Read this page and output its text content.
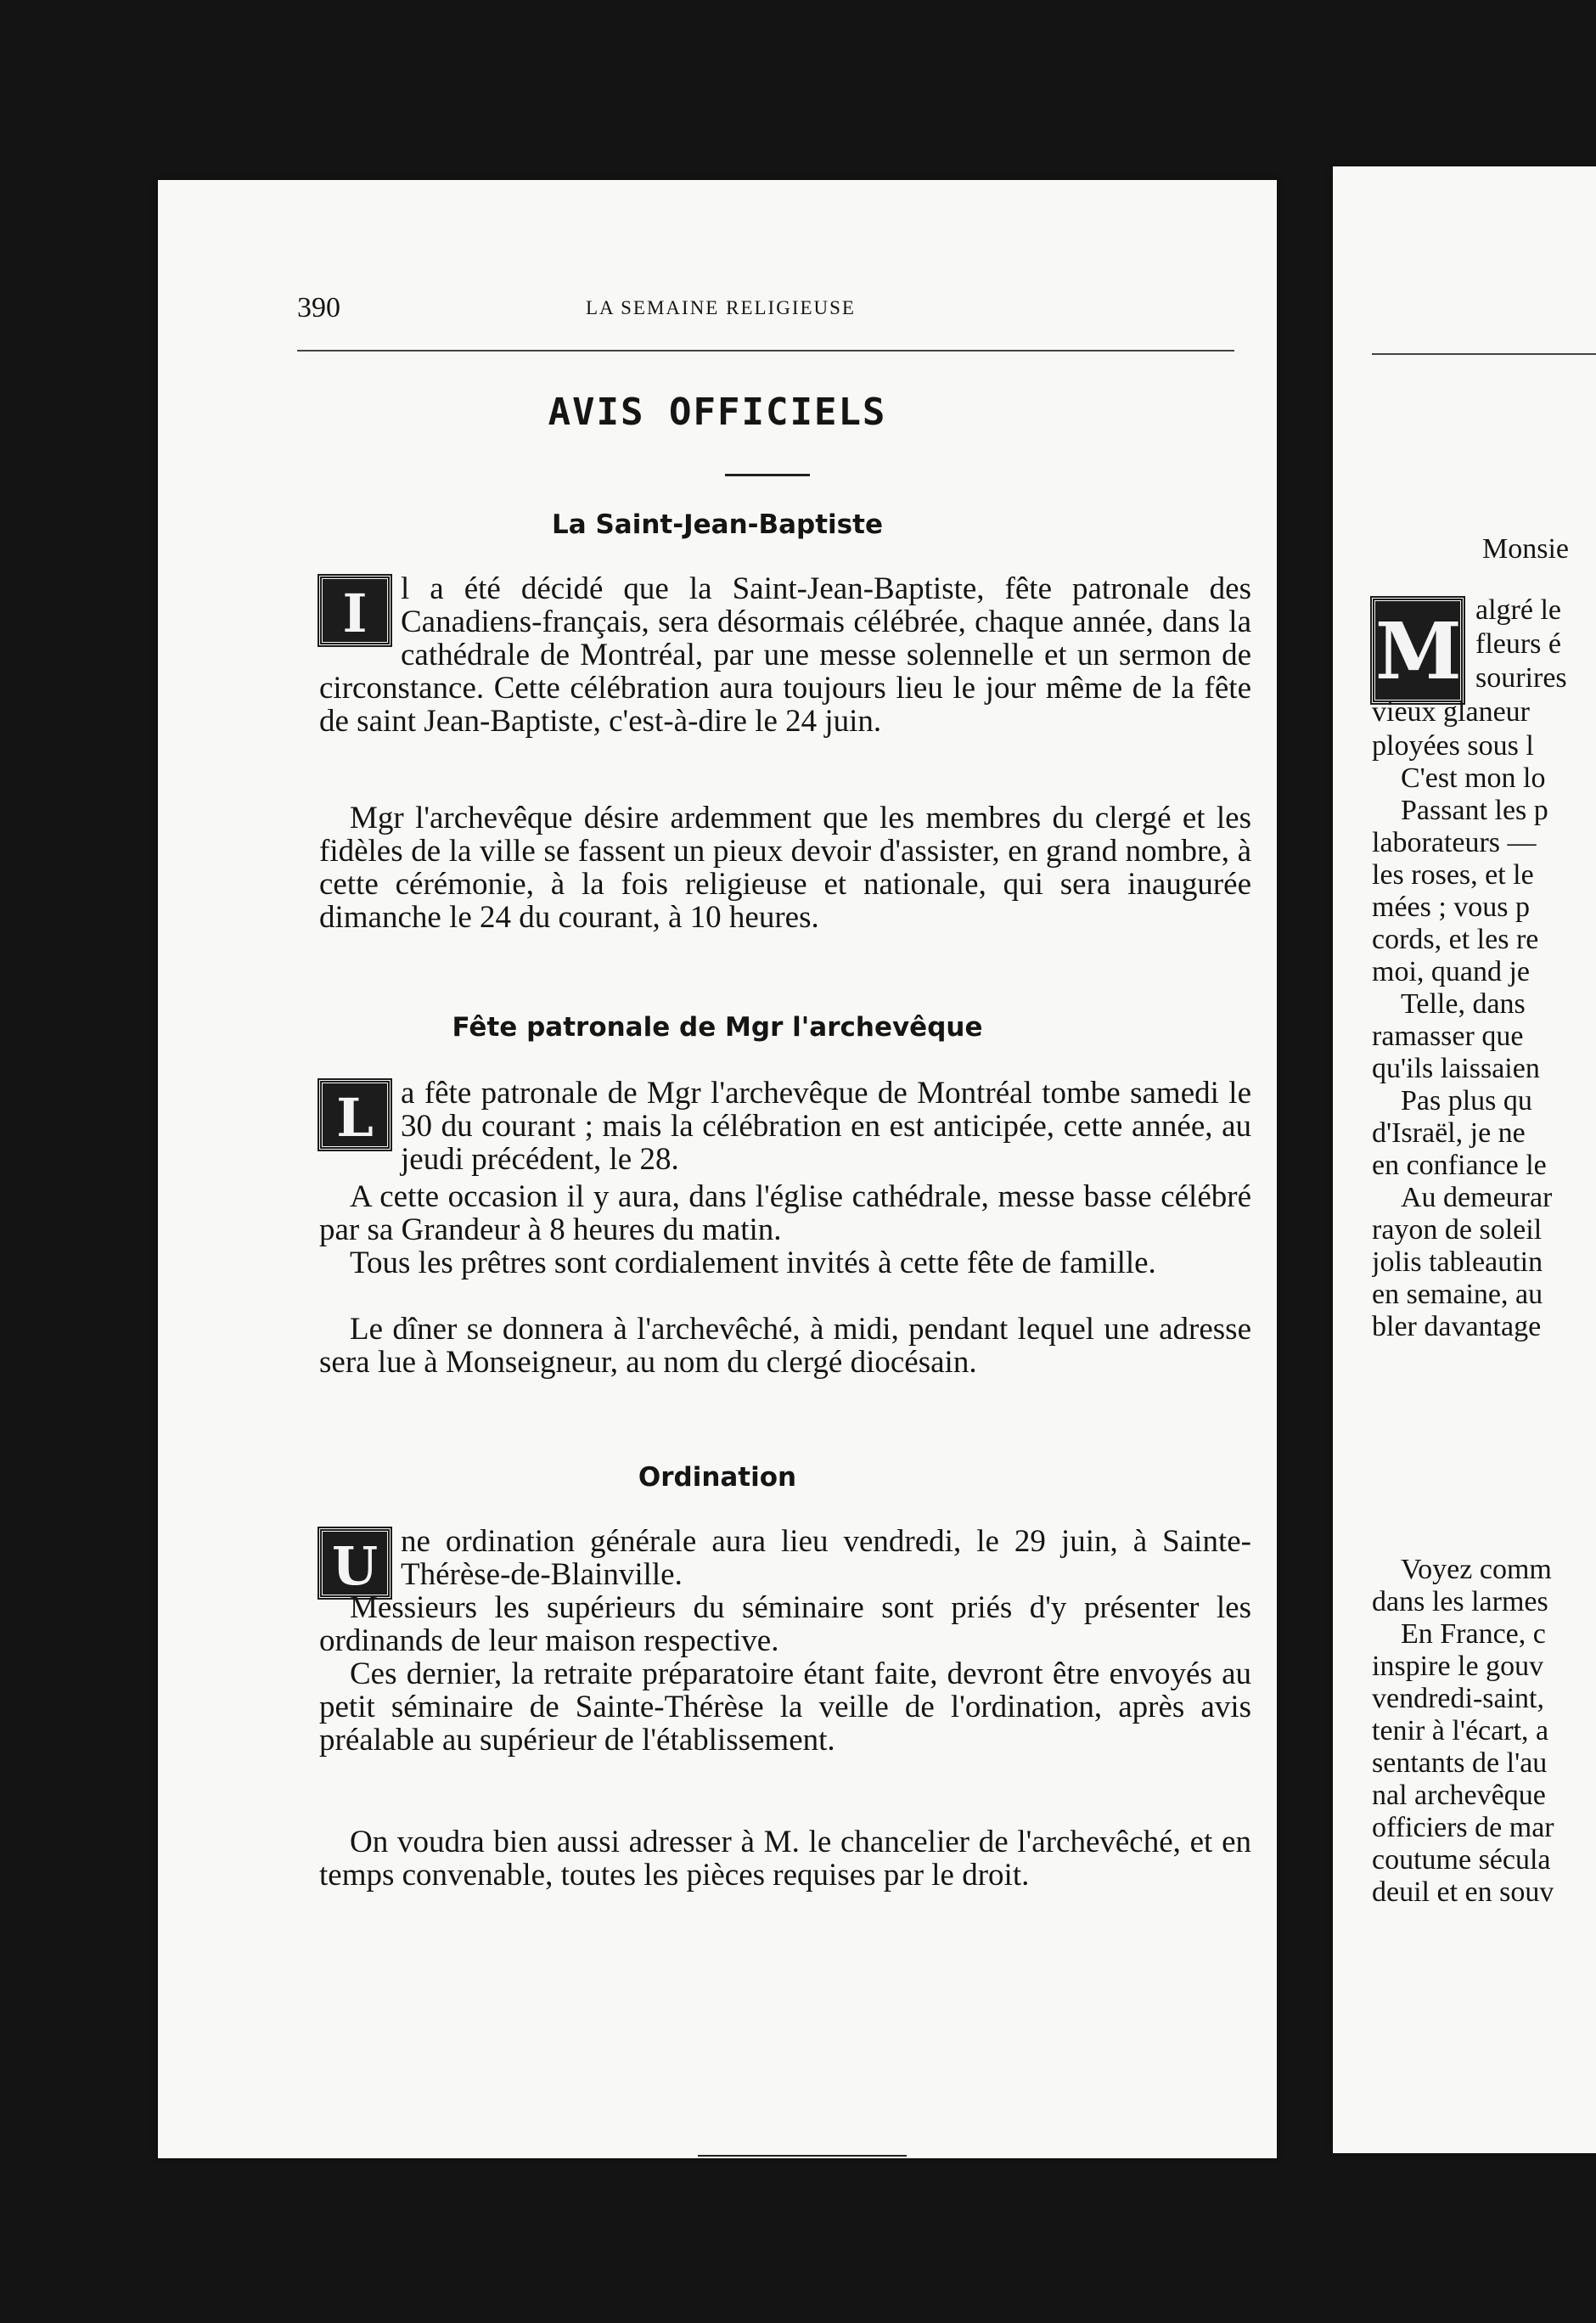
390	LA SEMAINE RELIGIEUSE
AVIS OFFICIELS
La Saint-Jean-Baptiste

I	l a été décidé que la Saint-Jean-Baptiste, fête patronale des Canadiens-français, sera désormais célébrée, chaque année, dans la cathédrale de Montréal, par une messe solennelle et un sermon de circonstance. Cette célébration aura toujours lieu le jour même de la fête de saint Jean-Baptiste, c'est-à-dire le 24 juin.

Mgr l'archevêque désire ardemment que les membres du clergé et les fidèles de la ville se fassent un pieux devoir d'assister, en grand nombre, à cette cérémonie, à la fois religieuse et nationale, qui sera inaugurée dimanche le 24 du courant, à 10 heures.

Fête patronale de Mgr l'archevêque

L a fête patronale de Mgr l'archevêque de Montréal tombe samedi le 30 du courant ; mais la célébration en est anticipée, cette année, au jeudi précédent, le 28.

A cette occasion il y aura, dans l'église cathédrale, messe basse célébré par sa Grandeur à 8 heures du matin.

Tous les prêtres sont cordialement invités à cette fête de famille.

Le dîner se donnera à l'archevêché, à midi, pendant lequel une adresse sera lue à Monseigneur, au nom du clergé diocésain.

Ordination

U ne ordination générale aura lieu vendredi, le 29 juin, à Sainte-Thérèse-de-Blainville.

Messieurs les supérieurs du séminaire sont priés d'y présenter les ordinands de leur maison respective.

Ces dernier, la retraite préparatoire étant faite, devront être envoyés au petit séminaire de Sainte-Thérèse la veille de l'ordination, après avis préalable au supérieur de l'établissement.

On voudra bien aussi adresser à M. le chancelier de l'archevêché, et en temps convenable, toutes les pièces requises par le droit.

Monsie
M algré le
fleurs é
sourires
vieux glaneur
ployées sous l
C'est mon lo
Passant les p
laborateurs —
les roses, et le
mées ; vous p
cords, et les re
moi, quand je
Telle, dans
ramasser que
qu'ils laissaien
Pas plus qu
d'Israël, je ne
en confiance le
Au demeurar
rayon de soleil
jolis tableautin
en semaine, au
bler davantage
Voyez comm
dans les larmes
En France, c
inspire le gouv
vendredi-saint,
tenir à l'écart, a
sentants de l'au
nal archevêque
officiers de mar
coutume sécula
deuil et en souv
